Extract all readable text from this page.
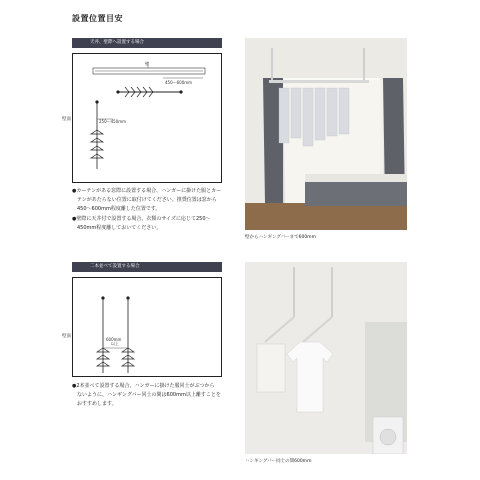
設置位置目安
天井、壁際へ設置する場合
壁
450〜600mm
250〜450mm
壁面
●カーテンがある窓際に設置する場合、ハンガーに掛けた服とカー
　テンがあたらない位置に取付けてください。推奨位置は窓から
　450〜600mm程度離した位置です。
●壁際に天井付で設置する場合、衣類のサイズに応じて250〜
　450mm程度離しておいてください。
壁からハンギングバーまで600mm
二本並べて設置する場合
600mm
以上
壁面
●2本並べて設置する場合、ハンガーに掛けた服同士がぶつから
　ないように、ハンギングバー同士の間は600mm以上離すことを
　おすすめします。
ハンギングバー同士の間600mm
